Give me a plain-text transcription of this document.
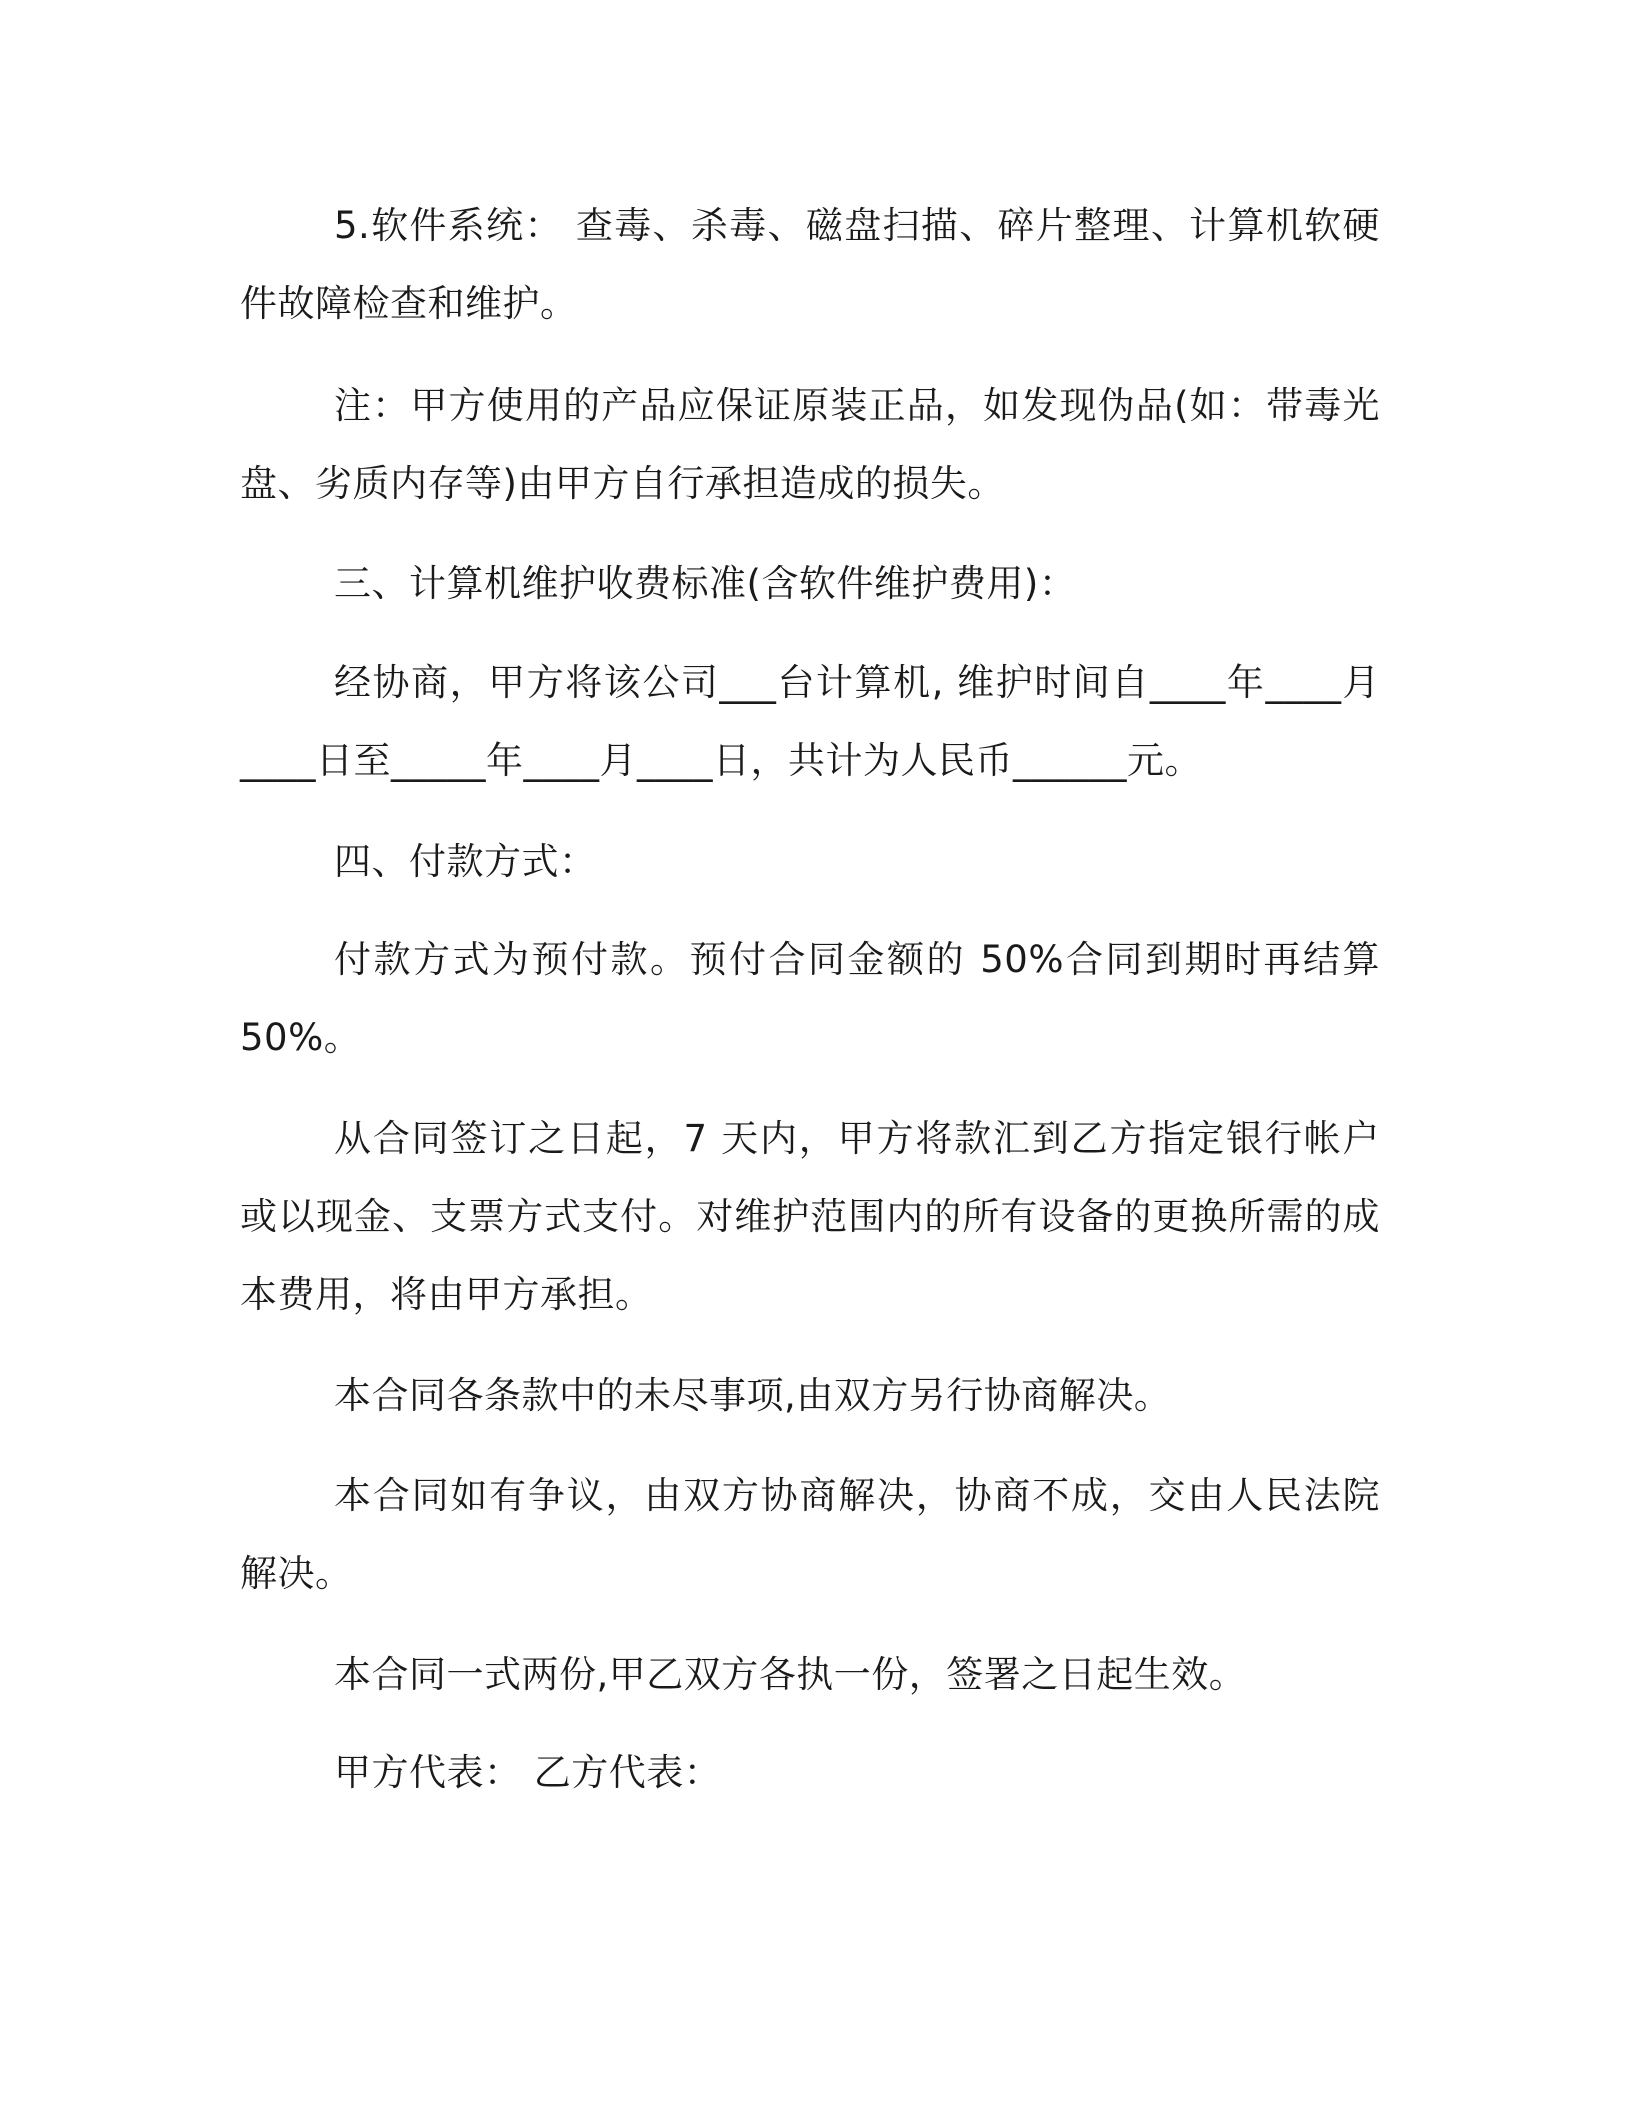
5.软件系统： 查毒、杀毒、磁盘扫描、碎片整理、计算机软硬件故障检查和维护。

注：甲方使用的产品应保证原装正品，如发现伪品(如：带毒光盘、劣质内存等)由甲方自行承担造成的损失。

三、计算机维护收费标准(含软件维护费用)：

经协商，甲方将该公司___台计算机, 维护时间自____年____月____日至_____年____月____日，共计为人民币______元。

四、付款方式：

付款方式为预付款。预付合同金额的 50%合同到期时再结算 50%。

从合同签订之日起，7 天内，甲方将款汇到乙方指定银行帐户或以现金、支票方式支付。对维护范围内的所有设备的更换所需的成本费用，将由甲方承担。

本合同各条款中的未尽事项,由双方另行协商解决。

本合同如有争议，由双方协商解决，协商不成，交由人民法院解决。

本合同一式两份,甲乙双方各执一份，签署之日起生效。

甲方代表： 乙方代表：
